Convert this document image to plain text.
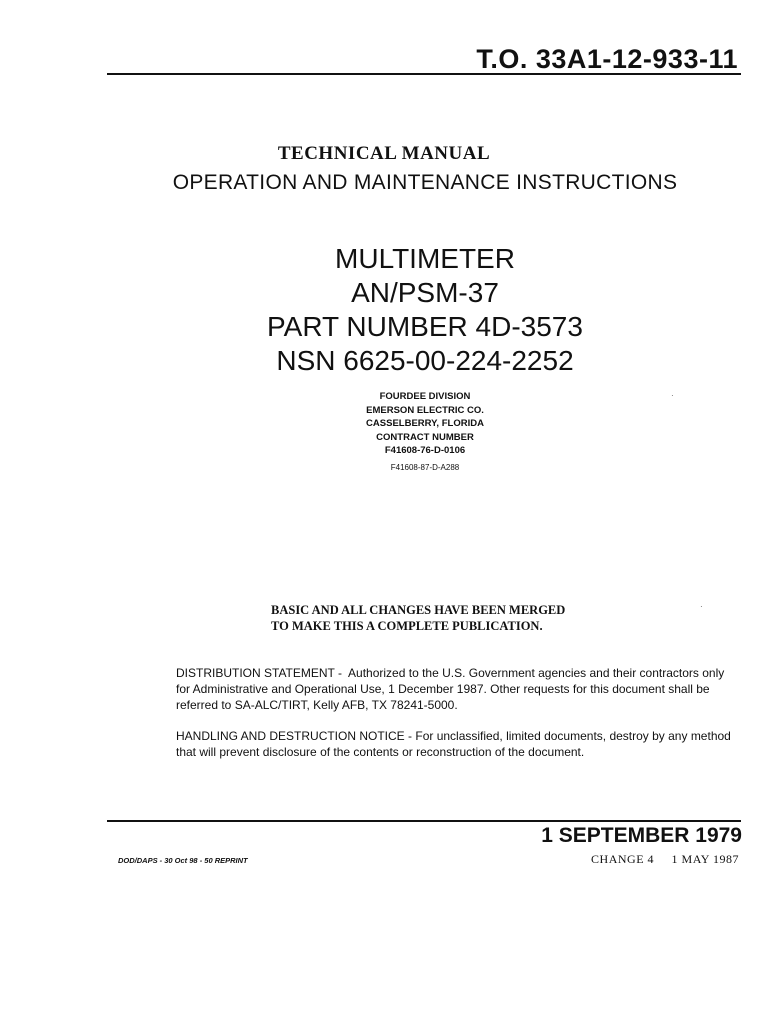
T.O. 33A1-12-933-11
TECHNICAL MANUAL
OPERATION AND MAINTENANCE INSTRUCTIONS
MULTIMETER
AN/PSM-37
PART NUMBER 4D-3573
NSN 6625-00-224-2252
FOURDEE DIVISION
EMERSON ELECTRIC CO.
CASSELBERRY, FLORIDA
CONTRACT NUMBER
F41608-76-D-0106
F41608-87-D-A288
·
·
BASIC AND ALL CHANGES HAVE BEEN MERGED
TO MAKE THIS A COMPLETE PUBLICATION.
DISTRIBUTION STATEMENT - Authorized to the U.S. Government agencies and their contractors only for Administrative and Operational Use, 1 December 1987. Other requests for this document shall be referred to SA-ALC/TIRT, Kelly AFB, TX 78241-5000.
HANDLING AND DESTRUCTION NOTICE - For unclassified, limited documents, destroy by any method that will prevent disclosure of the contents or reconstruction of the document.
1 SEPTEMBER 1979
CHANGE 4 1 MAY 1987
DOD/DAPS - 30 Oct 98 - 50 REPRINT
